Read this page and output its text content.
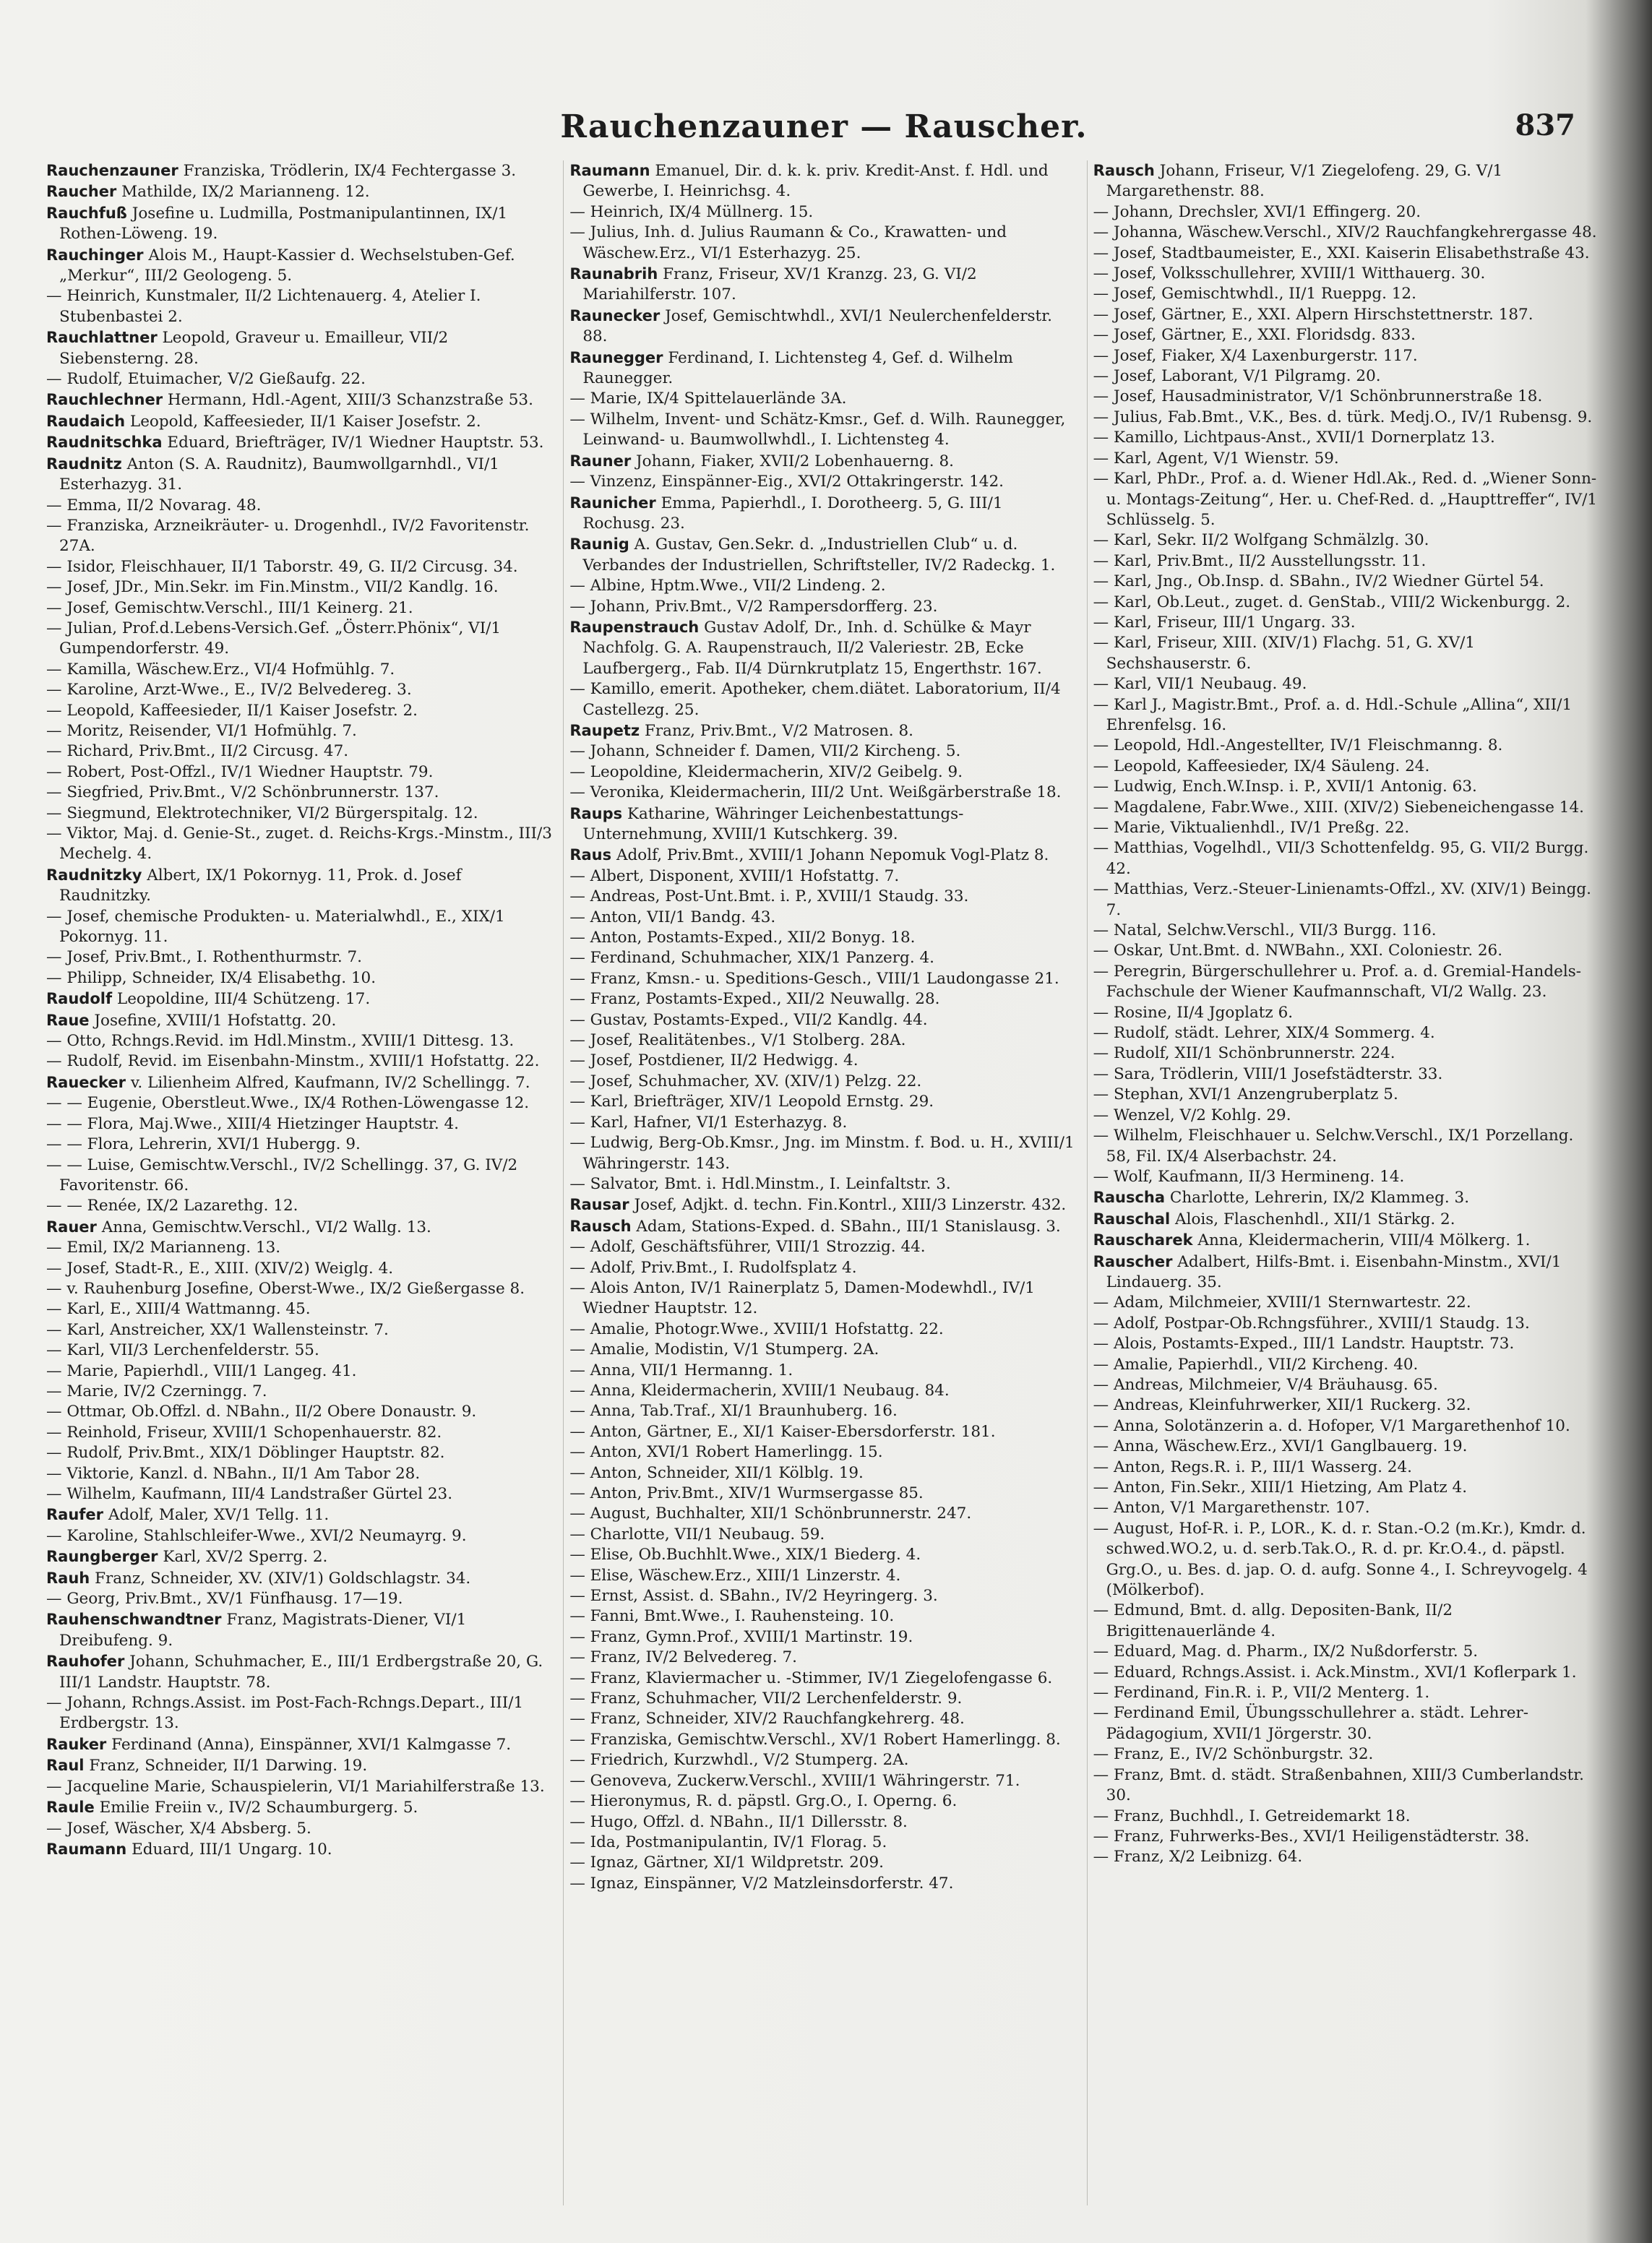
Rauchenzauner — Rauscher.	837

Rauchenzauner Franziska, Trödlerin, IX/4 Fechtergasse 3.

Raucher Mathilde, IX/2 Marianneng. 12.

Rauchfuß Josefine u. Ludmilla, Postmanipulantinnen, IX/1 Rothen-Löweng. 19.

Rauchinger Alois M., Haupt-Kassier d. Wechselstuben-Gef. „Merkur“, III/2 Geologeng. 5.

— Heinrich, Kunstmaler, II/2 Lichtenauerg. 4, Atelier I. Stubenbastei 2.

Rauchlattner Leopold, Graveur u. Emailleur, VII/2 Siebensterng. 28.

— Rudolf, Etuimacher, V/2 Gießaufg. 22.

Rauchlechner Hermann, Hdl.-Agent, XIII/3 Schanzstraße 53.

Raudaich Leopold, Kaffeesieder, II/1 Kaiser Josefstr. 2.

Raudnitschka Eduard, Briefträger, IV/1 Wiedner Hauptstr. 53.

Raudnitz Anton (S. A. Raudnitz), Baumwollgarnhdl., VI/1 Esterhazyg. 31.

— Emma, II/2 Novarag. 48.

— Franziska, Arzneikräuter- u. Drogenhdl., IV/2 Favoritenstr. 27A.

— Isidor, Fleischhauer, II/1 Taborstr. 49, G. II/2 Circusg. 34.

— Josef, JDr., Min.Sekr. im Fin.Minstm., VII/2 Kandlg. 16.

— Josef, Gemischtw.Verschl., III/1 Keinerg. 21.

— Julian, Prof.d.Lebens-Versich.Gef. „Österr.Phönix“, VI/1 Gumpendorferstr. 49.

— Kamilla, Wäschew.Erz., VI/4 Hofmühlg. 7.

— Karoline, Arzt-Wwe., E., IV/2 Belvedereg. 3.

— Leopold, Kaffeesieder, II/1 Kaiser Josefstr. 2.

— Moritz, Reisender, VI/1 Hofmühlg. 7.

— Richard, Priv.Bmt., II/2 Circusg. 47.

— Robert, Post-Offzl., IV/1 Wiedner Hauptstr. 79.

— Siegfried, Priv.Bmt., V/2 Schönbrunnerstr. 137.

— Siegmund, Elektrotechniker, VI/2 Bürgerspitalg. 12.

— Viktor, Maj. d. Genie-St., zuget. d. Reichs-Krgs.-Minstm., III/3 Mechelg. 4.

Raudnitzky Albert, IX/1 Pokornyg. 11, Prok. d. Josef Raudnitzky.

— Josef, chemische Produkten- u. Materialwhdl., E., XIX/1 Pokornyg. 11.

— Josef, Priv.Bmt., I. Rothenthurmstr. 7.

— Philipp, Schneider, IX/4 Elisabethg. 10.

Raudolf Leopoldine, III/4 Schützeng. 17.

Raue Josefine, XVIII/1 Hofstattg. 20.

— Otto, Rchngs.Revid. im Hdl.Minstm., XVIII/1 Dittesg. 13.

— Rudolf, Revid. im Eisenbahn-Minstm., XVIII/1 Hofstattg. 22.

Rauecker v. Lilienheim Alfred, Kaufmann, IV/2 Schellingg. 7.

— — Eugenie, Oberstleut.Wwe., IX/4 Rothen-Löwengasse 12.

— — Flora, Maj.Wwe., XIII/4 Hietzinger Hauptstr. 4.

— — Flora, Lehrerin, XVI/1 Hubergg. 9.

— — Luise, Gemischtw.Verschl., IV/2 Schellingg. 37, G. IV/2 Favoritenstr. 66.

— — Renée, IX/2 Lazarethg. 12.

Rauer Anna, Gemischtw.Verschl., VI/2 Wallg. 13.

— Emil, IX/2 Marianneng. 13.

— Josef, Stadt-R., E., XIII. (XIV/2) Weiglg. 4.

— v. Rauhenburg Josefine, Oberst-Wwe., IX/2 Gießergasse 8.

— Karl, E., XIII/4 Wattmanng. 45.

— Karl, Anstreicher, XX/1 Wallensteinstr. 7.

— Karl, VII/3 Lerchenfelderstr. 55.

— Marie, Papierhdl., VIII/1 Langeg. 41.

— Marie, IV/2 Czerningg. 7.

— Ottmar, Ob.Offzl. d. NBahn., II/2 Obere Donaustr. 9.

— Reinhold, Friseur, XVIII/1 Schopenhauerstr. 82.

— Rudolf, Priv.Bmt., XIX/1 Döblinger Hauptstr. 82.

— Viktorie, Kanzl. d. NBahn., II/1 Am Tabor 28.

— Wilhelm, Kaufmann, III/4 Landstraßer Gürtel 23.

Raufer Adolf, Maler, XV/1 Tellg. 11.

— Karoline, Stahlschleifer-Wwe., XVI/2 Neumayrg. 9.

Raungberger Karl, XV/2 Sperrg. 2.

Rauh Franz, Schneider, XV. (XIV/1) Goldschlagstr. 34.

— Georg, Priv.Bmt., XV/1 Fünfhausg. 17—19.

Rauhenschwandtner Franz, Magistrats-Diener, VI/1 Dreibufeng. 9.

Rauhofer Johann, Schuhmacher, E., III/1 Erdbergstraße 20, G. III/1 Landstr. Hauptstr. 78.

— Johann, Rchngs.Assist. im Post-Fach-Rchngs.Depart., III/1 Erdbergstr. 13.

Rauker Ferdinand (Anna), Einspänner, XVI/1 Kalmgasse 7.

Raul Franz, Schneider, II/1 Darwing. 19.

— Jacqueline Marie, Schauspielerin, VI/1 Mariahilferstraße 13.

Raule Emilie Freiin v., IV/2 Schaumburgerg. 5.

— Josef, Wäscher, X/4 Absberg. 5.

Raumann Eduard, III/1 Ungarg. 10.

Raumann Emanuel, Dir. d. k. k. priv. Kredit-Anst. f. Hdl. und Gewerbe, I. Heinrichsg. 4.

— Heinrich, IX/4 Müllnerg. 15.

— Julius, Inh. d. Julius Raumann & Co., Krawatten- und Wäschew.Erz., VI/1 Esterhazyg. 25.

Raunabrih Franz, Friseur, XV/1 Kranzg. 23, G. VI/2 Mariahilferstr. 107.

Raunecker Josef, Gemischtwhdl., XVI/1 Neulerchenfelderstr. 88.

Raunegger Ferdinand, I. Lichtensteg 4, Gef. d. Wilhelm Raunegger.

— Marie, IX/4 Spittelauerlände 3A.

— Wilhelm, Invent- und Schätz-Kmsr., Gef. d. Wilh. Raunegger, Leinwand- u. Baumwollwhdl., I. Lichtensteg 4.

Rauner Johann, Fiaker, XVII/2 Lobenhauerng. 8.

— Vinzenz, Einspänner-Eig., XVI/2 Ottakringerstr. 142.

Raunicher Emma, Papierhdl., I. Dorotheerg. 5, G. III/1 Rochusg. 23.

Raunig A. Gustav, Gen.Sekr. d. „Industriellen Club“ u. d. Verbandes der Industriellen, Schriftsteller, IV/2 Radeckg. 1.

— Albine, Hptm.Wwe., VII/2 Lindeng. 2.

— Johann, Priv.Bmt., V/2 Rampersdorfferg. 23.

Raupenstrauch Gustav Adolf, Dr., Inh. d. Schülke & Mayr Nachfolg. G. A. Raupenstrauch, II/2 Valeriestr. 2B, Ecke Laufbergerg., Fab. II/4 Dürnkrutplatz 15, Engerthstr. 167.

— Kamillo, emerit. Apotheker, chem.diätet. Laboratorium, II/4 Castellezg. 25.

Raupetz Franz, Priv.Bmt., V/2 Matrosen. 8.

— Johann, Schneider f. Damen, VII/2 Kircheng. 5.

— Leopoldine, Kleidermacherin, XIV/2 Geibelg. 9.

— Veronika, Kleidermacherin, III/2 Unt. Weißgärberstraße 18.

Raups Katharine, Währinger Leichenbestattungs-Unternehmung, XVIII/1 Kutschkerg. 39.

Raus Adolf, Priv.Bmt., XVIII/1 Johann Nepomuk Vogl-Platz 8.

— Albert, Disponent, XVIII/1 Hofstattg. 7.

— Andreas, Post-Unt.Bmt. i. P., XVIII/1 Staudg. 33.

— Anton, VII/1 Bandg. 43.

— Anton, Postamts-Exped., XII/2 Bonyg. 18.

— Ferdinand, Schuhmacher, XIX/1 Panzerg. 4.

— Franz, Kmsn.- u. Speditions-Gesch., VIII/1 Laudongasse 21.

— Franz, Postamts-Exped., XII/2 Neuwallg. 28.

— Gustav, Postamts-Exped., VII/2 Kandlg. 44.

— Josef, Realitätenbes., V/1 Stolberg. 28A.

— Josef, Postdiener, II/2 Hedwigg. 4.

— Josef, Schuhmacher, XV. (XIV/1) Pelzg. 22.

— Karl, Briefträger, XIV/1 Leopold Ernstg. 29.

— Karl, Hafner, VI/1 Esterhazyg. 8.

— Ludwig, Berg-Ob.Kmsr., Jng. im Minstm. f. Bod. u. H., XVIII/1 Währingerstr. 143.

— Salvator, Bmt. i. Hdl.Minstm., I. Leinfaltstr. 3.

Rausar Josef, Adjkt. d. techn. Fin.Kontrl., XIII/3 Linzerstr. 432.

Rausch Adam, Stations-Exped. d. SBahn., III/1 Stanislausg. 3.

— Adolf, Geschäftsführer, VIII/1 Strozzig. 44.

— Adolf, Priv.Bmt., I. Rudolfsplatz 4.

— Alois Anton, IV/1 Rainerplatz 5, Damen-Modewhdl., IV/1 Wiedner Hauptstr. 12.

— Amalie, Photogr.Wwe., XVIII/1 Hofstattg. 22.

— Amalie, Modistin, V/1 Stumperg. 2A.

— Anna, VII/1 Hermanng. 1.

— Anna, Kleidermacherin, XVIII/1 Neubaug. 84.

— Anna, Tab.Traf., XI/1 Braunhuberg. 16.

— Anton, Gärtner, E., XI/1 Kaiser-Ebersdorferstr. 181.

— Anton, XVI/1 Robert Hamerlingg. 15.

— Anton, Schneider, XII/1 Kölblg. 19.

— Anton, Priv.Bmt., XIV/1 Wurmsergasse 85.

— August, Buchhalter, XII/1 Schönbrunnerstr. 247.

— Charlotte, VII/1 Neubaug. 59.

— Elise, Ob.Buchhlt.Wwe., XIX/1 Biederg. 4.

— Elise, Wäschew.Erz., XIII/1 Linzerstr. 4.

— Ernst, Assist. d. SBahn., IV/2 Heyringerg. 3.

— Fanni, Bmt.Wwe., I. Rauhensteing. 10.

— Franz, Gymn.Prof., XVIII/1 Martinstr. 19.

— Franz, IV/2 Belvedereg. 7.

— Franz, Klaviermacher u. -Stimmer, IV/1 Ziegelofengasse 6.

— Franz, Schuhmacher, VII/2 Lerchenfelderstr. 9.

— Franz, Schneider, XIV/2 Rauchfangkehrerg. 48.

— Franziska, Gemischtw.Verschl., XV/1 Robert Hamerlingg. 8.

— Friedrich, Kurzwhdl., V/2 Stumperg. 2A.

— Genoveva, Zuckerw.Verschl., XVIII/1 Währingerstr. 71.

— Hieronymus, R. d. päpstl. Grg.O., I. Operng. 6.

— Hugo, Offzl. d. NBahn., II/1 Dillersstr. 8.

— Ida, Postmanipulantin, IV/1 Florag. 5.

— Ignaz, Gärtner, XI/1 Wildpretstr. 209.

— Ignaz, Einspänner, V/2 Matzleinsdorferstr. 47.

Rausch Johann, Friseur, V/1 Ziegelofeng. 29, G. V/1 Margarethenstr. 88.

— Johann, Drechsler, XVI/1 Effingerg. 20.

— Johanna, Wäschew.Verschl., XIV/2 Rauchfangkehrergasse 48.

— Josef, Stadtbaumeister, E., XXI. Kaiserin Elisabethstraße 43.

— Josef, Volksschullehrer, XVIII/1 Witthauerg. 30.

— Josef, Gemischtwhdl., II/1 Rueppg. 12.

— Josef, Gärtner, E., XXI. Alpern Hirschstettnerstr. 187.

— Josef, Gärtner, E., XXI. Floridsdg. 833.

— Josef, Fiaker, X/4 Laxenburgerstr. 117.

— Josef, Laborant, V/1 Pilgramg. 20.

— Josef, Hausadministrator, V/1 Schönbrunnerstraße 18.

— Julius, Fab.Bmt., V.K., Bes. d. türk. Medj.O., IV/1 Rubensg. 9.

— Kamillo, Lichtpaus-Anst., XVII/1 Dornerplatz 13.

— Karl, Agent, V/1 Wienstr. 59.

— Karl, PhDr., Prof. a. d. Wiener Hdl.Ak., Red. d. „Wiener Sonn- u. Montags-Zeitung“, Her. u. Chef-Red. d. „Haupttreffer“, IV/1 Schlüsselg. 5.

— Karl, Sekr. II/2 Wolfgang Schmälzlg. 30.

— Karl, Priv.Bmt., II/2 Ausstellungsstr. 11.

— Karl, Jng., Ob.Insp. d. SBahn., IV/2 Wiedner Gürtel 54.

— Karl, Ob.Leut., zuget. d. GenStab., VIII/2 Wickenburgg. 2.

— Karl, Friseur, III/1 Ungarg. 33.

— Karl, Friseur, XIII. (XIV/1) Flachg. 51, G. XV/1 Sechshauserstr. 6.

— Karl, VII/1 Neubaug. 49.

— Karl J., Magistr.Bmt., Prof. a. d. Hdl.-Schule „Allina“, XII/1 Ehrenfelsg. 16.

— Leopold, Hdl.-Angestellter, IV/1 Fleischmanng. 8.

— Leopold, Kaffeesieder, IX/4 Säuleng. 24.

— Ludwig, Ench.W.Insp. i. P., XVII/1 Antonig. 63.

— Magdalene, Fabr.Wwe., XIII. (XIV/2) Siebeneichengasse 14.

— Marie, Viktualienhdl., IV/1 Preßg. 22.

— Matthias, Vogelhdl., VII/3 Schottenfeldg. 95, G. VII/2 Burgg. 42.

— Matthias, Verz.-Steuer-Linienamts-Offzl., XV. (XIV/1) Beingg. 7.

— Natal, Selchw.Verschl., VII/3 Burgg. 116.

— Oskar, Unt.Bmt. d. NWBahn., XXI. Coloniestr. 26.

— Peregrin, Bürgerschullehrer u. Prof. a. d. Gremial-Handels-Fachschule der Wiener Kaufmannschaft, VI/2 Wallg. 23.

— Rosine, II/4 Jgoplatz 6.

— Rudolf, städt. Lehrer, XIX/4 Sommerg. 4.

— Rudolf, XII/1 Schönbrunnerstr. 224.

— Sara, Trödlerin, VIII/1 Josefstädterstr. 33.

— Stephan, XVI/1 Anzengruberplatz 5.

— Wenzel, V/2 Kohlg. 29.

— Wilhelm, Fleischhauer u. Selchw.Verschl., IX/1 Porzellang. 58, Fil. IX/4 Alserbachstr. 24.

— Wolf, Kaufmann, II/3 Hermineng. 14.

Rauscha Charlotte, Lehrerin, IX/2 Klammeg. 3.

Rauschal Alois, Flaschenhdl., XII/1 Stärkg. 2.

Rauscharek Anna, Kleidermacherin, VIII/4 Mölkerg. 1.

Rauscher Adalbert, Hilfs-Bmt. i. Eisenbahn-Minstm., XVI/1 Lindauerg. 35.

— Adam, Milchmeier, XVIII/1 Sternwartestr. 22.

— Adolf, Postpar-Ob.Rchngsführer., XVIII/1 Staudg. 13.

— Alois, Postamts-Exped., III/1 Landstr. Hauptstr. 73.

— Amalie, Papierhdl., VII/2 Kircheng. 40.

— Andreas, Milchmeier, V/4 Bräuhausg. 65.

— Andreas, Kleinfuhrwerker, XII/1 Ruckerg. 32.

— Anna, Solotänzerin a. d. Hofoper, V/1 Margarethenhof 10.

— Anna, Wäschew.Erz., XVI/1 Ganglbauerg. 19.

— Anton, Regs.R. i. P., III/1 Wasserg. 24.

— Anton, Fin.Sekr., XIII/1 Hietzing, Am Platz 4.

— Anton, V/1 Margarethenstr. 107.

— August, Hof-R. i. P., LOR., K. d. r. Stan.-O.2 (m.Kr.), Kmdr. d. schwed.WO.2, u. d. serb.Tak.O., R. d. pr. Kr.O.4., d. päpstl. Grg.O., u. Bes. d. jap. O. d. aufg. Sonne 4., I. Schreyvogelg. 4 (Mölkerbof).

— Edmund, Bmt. d. allg. Depositen-Bank, II/2 Brigittenauerlände 4.

— Eduard, Mag. d. Pharm., IX/2 Nußdorferstr. 5.

— Eduard, Rchngs.Assist. i. Ack.Minstm., XVI/1 Koflerpark 1.

— Ferdinand, Fin.R. i. P., VII/2 Menterg. 1.

— Ferdinand Emil, Übungsschullehrer a. städt. Lehrer-Pädagogium, XVII/1 Jörgerstr. 30.

— Franz, E., IV/2 Schönburgstr. 32.

— Franz, Bmt. d. städt. Straßenbahnen, XIII/3 Cumberlandstr. 30.

— Franz, Buchhdl., I. Getreidemarkt 18.

— Franz, Fuhrwerks-Bes., XVI/1 Heiligenstädterstr. 38.

— Franz, X/2 Leibnizg. 64.
